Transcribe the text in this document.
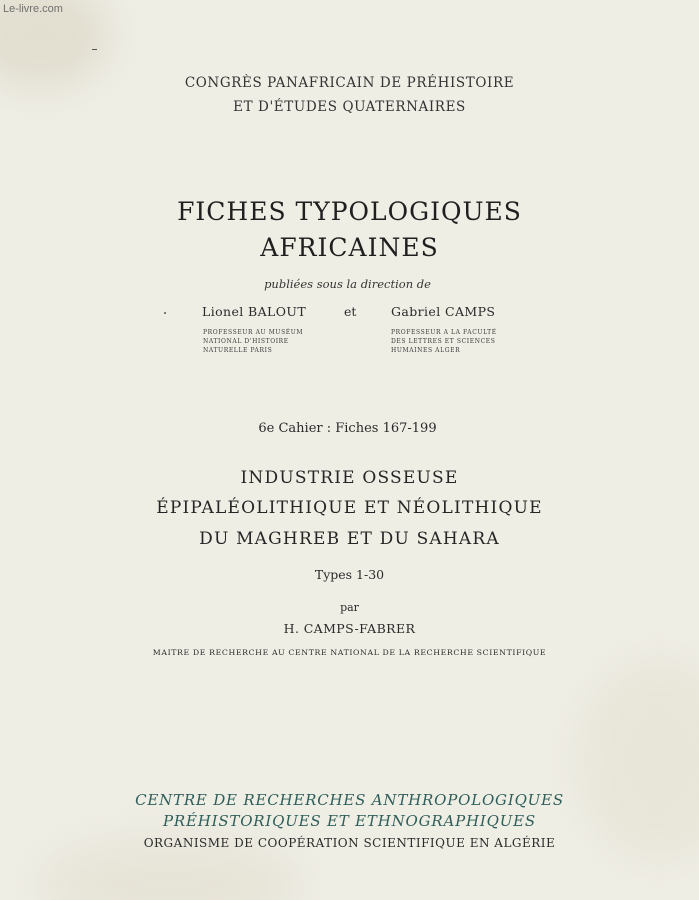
Le-livre.com
CONGRÈS PANAFRICAIN DE PRÉHISTOIRE
ET D'ÉTUDES QUATERNAIRES
FICHES TYPOLOGIQUES
AFRICAINES
publiées sous la direction de
Lionel BALOUT	et	Gabriel CAMPS
PROFESSEUR AU MUSÉUM
NATIONAL D'HISTOIRE
NATURELLE PARIS
PROFESSEUR A LA FACULTÉ
DES LETTRES ET SCIENCES
HUMAINES ALGER
6e Cahier : Fiches 167-199
INDUSTRIE OSSEUSE
ÉPIPALÉOLITHIQUE ET NÉOLITHIQUE
DU MAGHREB ET DU SAHARA
Types 1-30
par
H. CAMPS-FABRER
MAITRE DE RECHERCHE AU CENTRE NATIONAL DE LA RECHERCHE SCIENTIFIQUE
CENTRE DE RECHERCHES ANTHROPOLOGIQUES
PRÉHISTORIQUES ET ETHNOGRAPHIQUES
ORGANISME DE COOPÉRATION SCIENTIFIQUE EN ALGÉRIE
